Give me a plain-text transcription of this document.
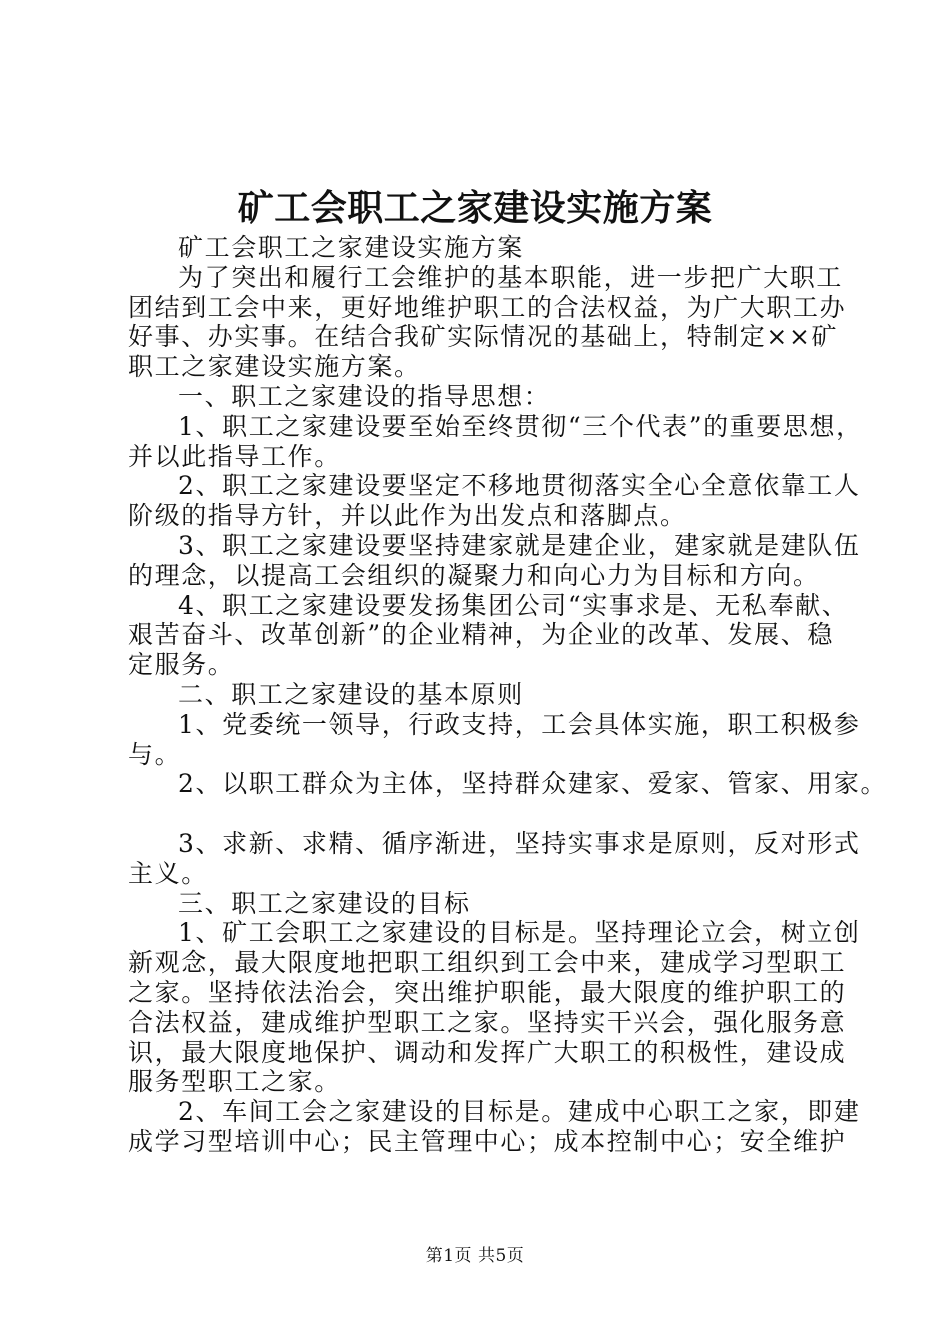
矿工会职工之家建设实施方案
矿工会职工之家建设实施方案
为了突出和履行工会维护的基本职能，进一步把广大职工
团结到工会中来，更好地维护职工的合法权益，为广大职工办
好事、办实事。在结合我矿实际情况的基础上，特制定××矿
职工之家建设实施方案。
一、职工之家建设的指导思想：
1、职工之家建设要至始至终贯彻“三个代表”的重要思想，
并以此指导工作。
2、职工之家建设要坚定不移地贯彻落实全心全意依靠工人
阶级的指导方针，并以此作为出发点和落脚点。
3、职工之家建设要坚持建家就是建企业，建家就是建队伍
的理念，以提高工会组织的凝聚力和向心力为目标和方向。
4、职工之家建设要发扬集团公司“实事求是、无私奉献、
艰苦奋斗、改革创新”的企业精神，为企业的改革、发展、稳
定服务。
二、职工之家建设的基本原则
1、党委统一领导，行政支持，工会具体实施，职工积极参
与。
2、以职工群众为主体，坚持群众建家、爱家、管家、用家。
3、求新、求精、循序渐进，坚持实事求是原则，反对形式
主义。
三、职工之家建设的目标
1、矿工会职工之家建设的目标是。坚持理论立会，树立创
新观念，最大限度地把职工组织到工会中来，建成学习型职工
之家。坚持依法治会，突出维护职能，最大限度的维护职工的
合法权益，建成维护型职工之家。坚持实干兴会，强化服务意
识，最大限度地保护、调动和发挥广大职工的积极性，建设成
服务型职工之家。
2、车间工会之家建设的目标是。建成中心职工之家，即建
成学习型培训中心；民主管理中心；成本控制中心；安全维护
第1页 共5页
